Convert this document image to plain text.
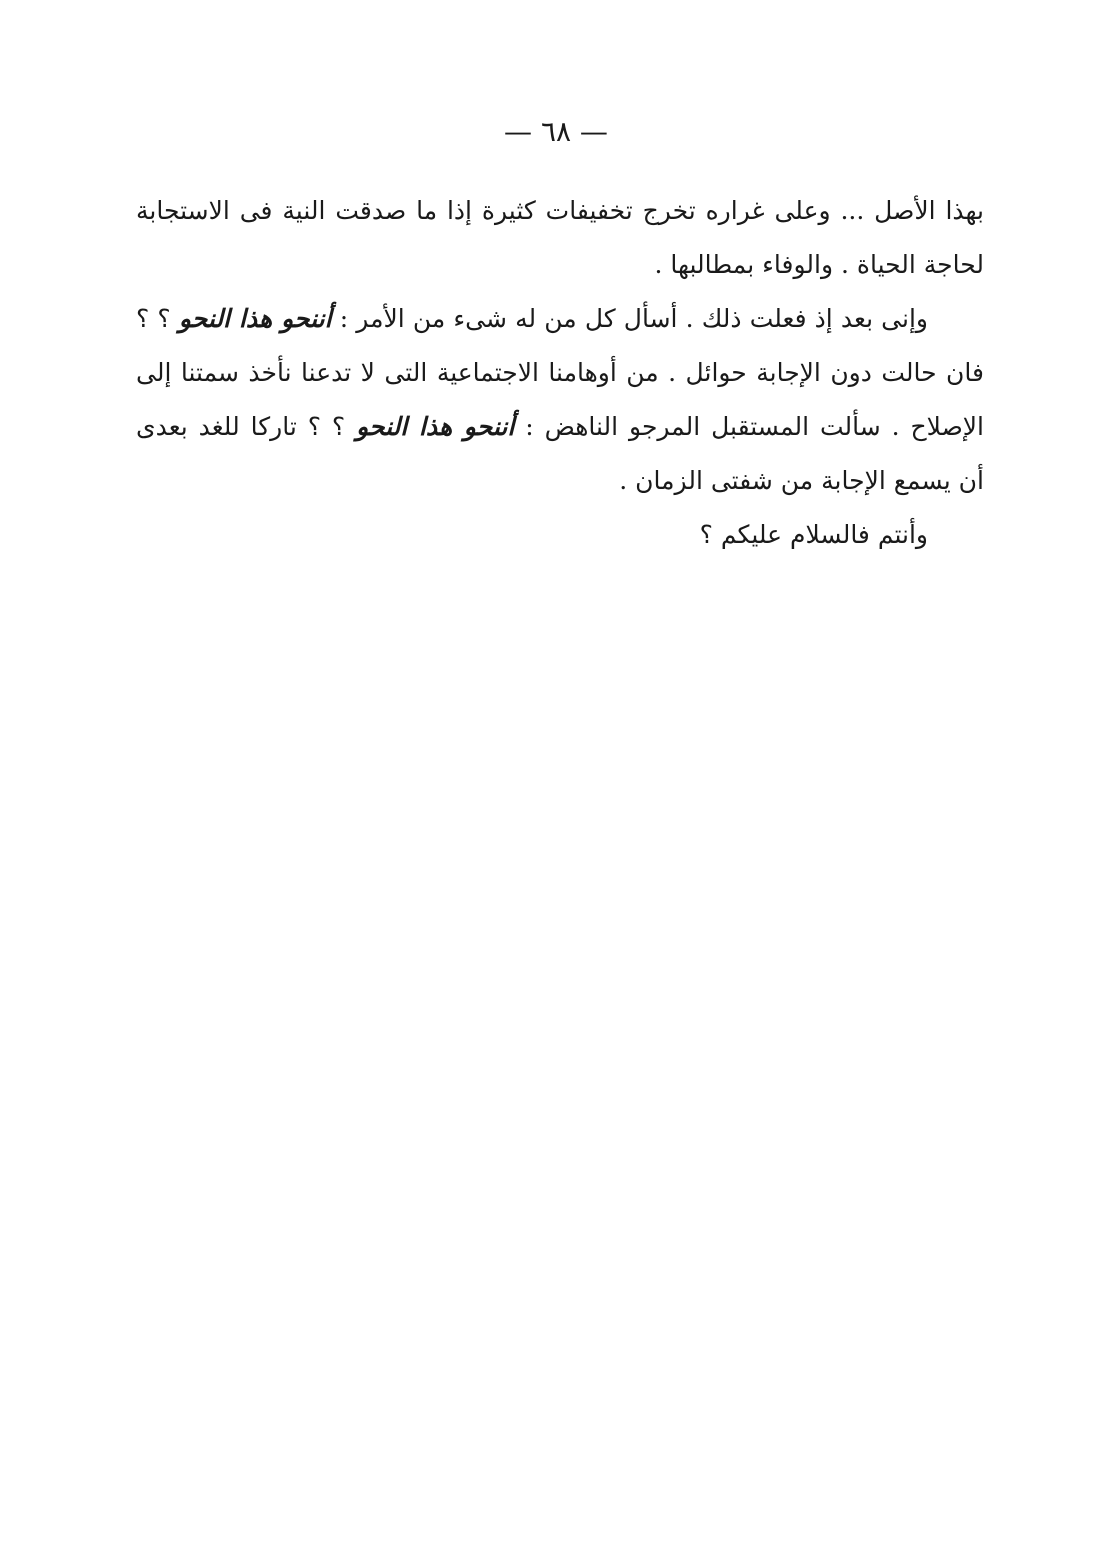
— ٦٨ —

بهذا الأصل ... وعلى غراره تخرج تخفيفات كثيرة إذا ما صدقت النية فى الاستجابة
لحاجة الحياة . والوفاء بمطالبها .

وإنى بعد إذ فعلت ذلك . أسأل كل من له شىء من الأمر : أننحو هذا النحو ؟ ؟
فان حالت دون الإجابة حوائل . من أوهامنا الاجتماعية التى لا تدعنا نأخذ سمتنا إلى
الإصلاح . سألت المستقبل المرجو الناهض : أننحو هذا النحو ؟ ؟ تاركا للغد بعدى
أن يسمع الإجابة من شفتى الزمان .

وأنتم فالسلام عليكم ؟
